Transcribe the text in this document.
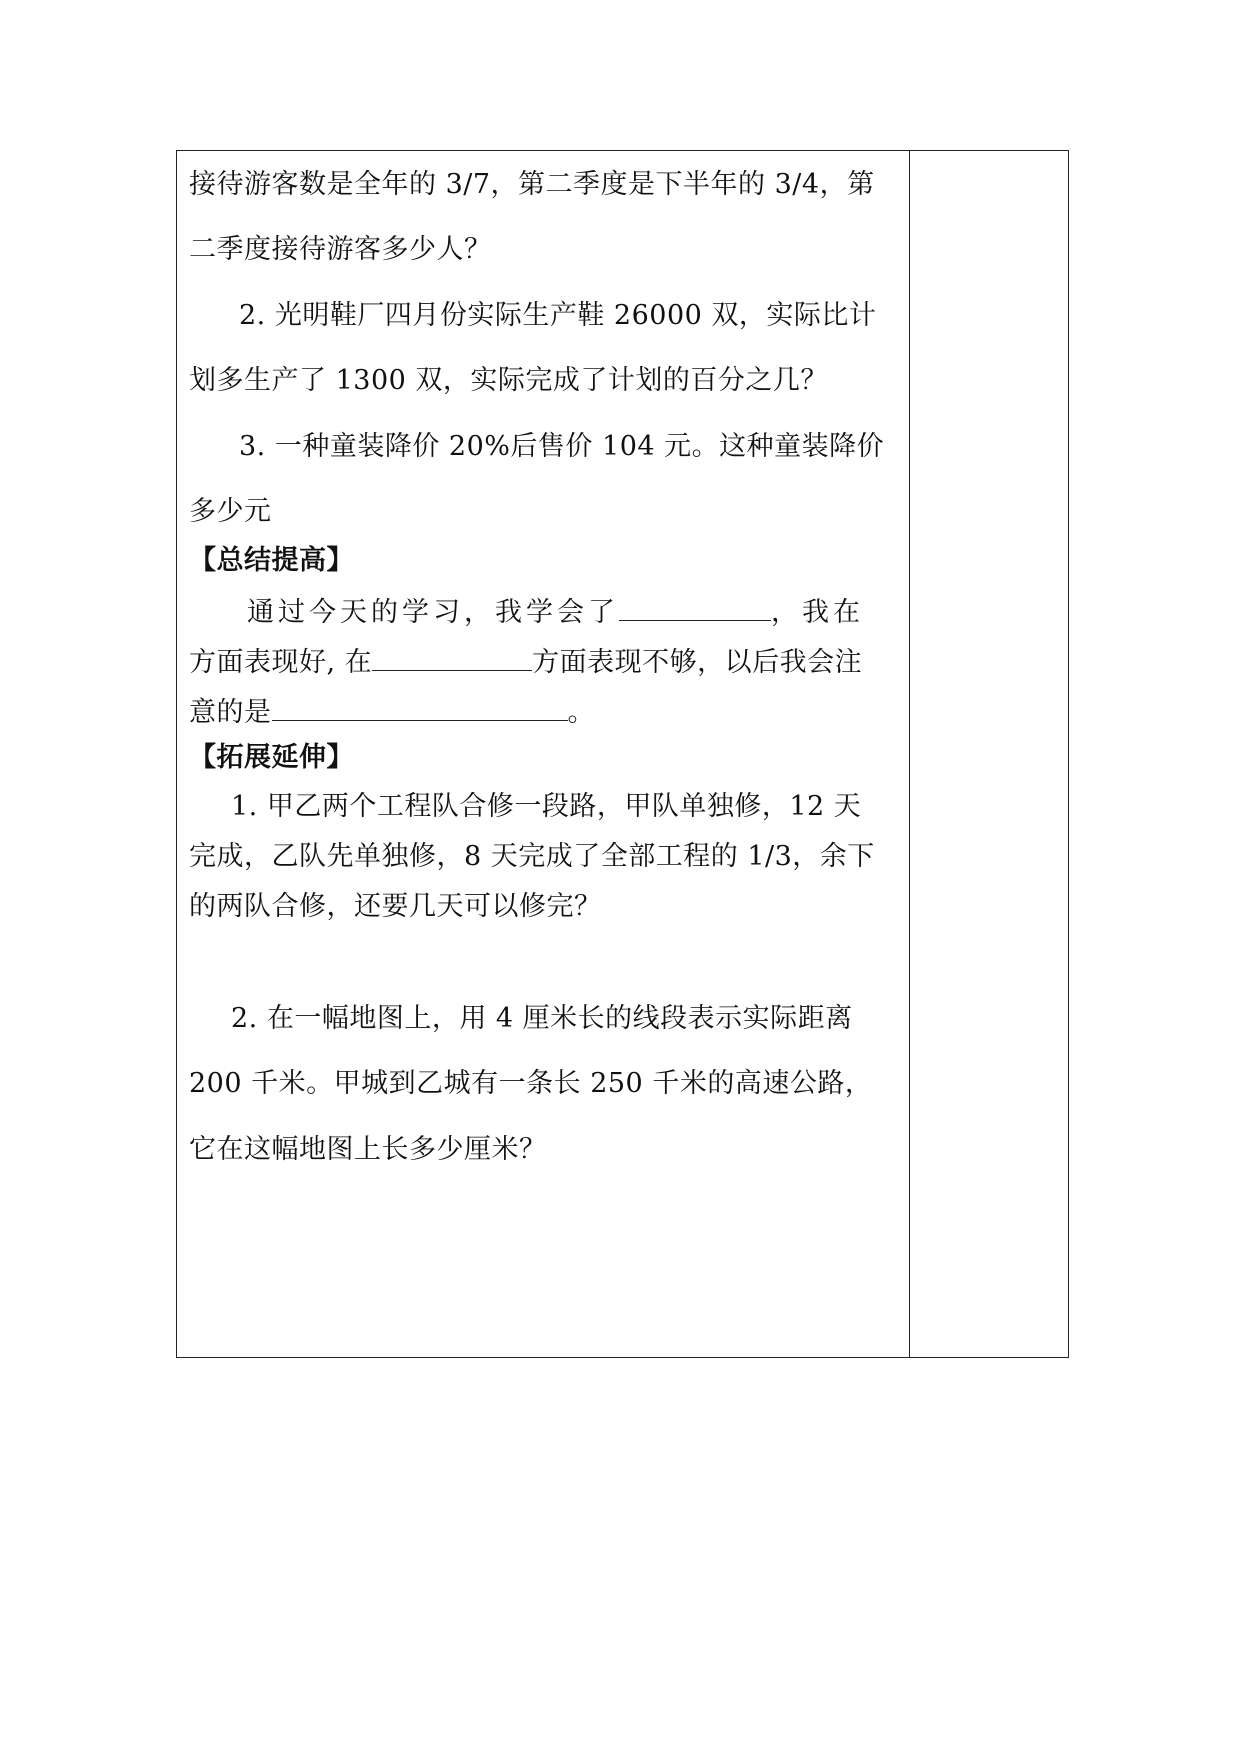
接待游客数是全年的 3/7，第二季度是下半年的 3/4，第
二季度接待游客多少人？
2. 光明鞋厂四月份实际生产鞋 26000 双，实际比计
划多生产了 1300 双，实际完成了计划的百分之几？
3. 一种童装降价 20%后售价 104 元。这种童装降价
多少元
【总结提高】
通过今天的学习，我学会了	，我在
方面表现好, 在	方面表现不够，以后我会注
意的是	。
【拓展延伸】
1. 甲乙两个工程队合修一段路，甲队单独修，12 天
完成，乙队先单独修，8 天完成了全部工程的 1/3，余下
的两队合修，还要几天可以修完？
2. 在一幅地图上，用 4 厘米长的线段表示实际距离
200 千米。甲城到乙城有一条长 250 千米的高速公路，
它在这幅地图上长多少厘米？
